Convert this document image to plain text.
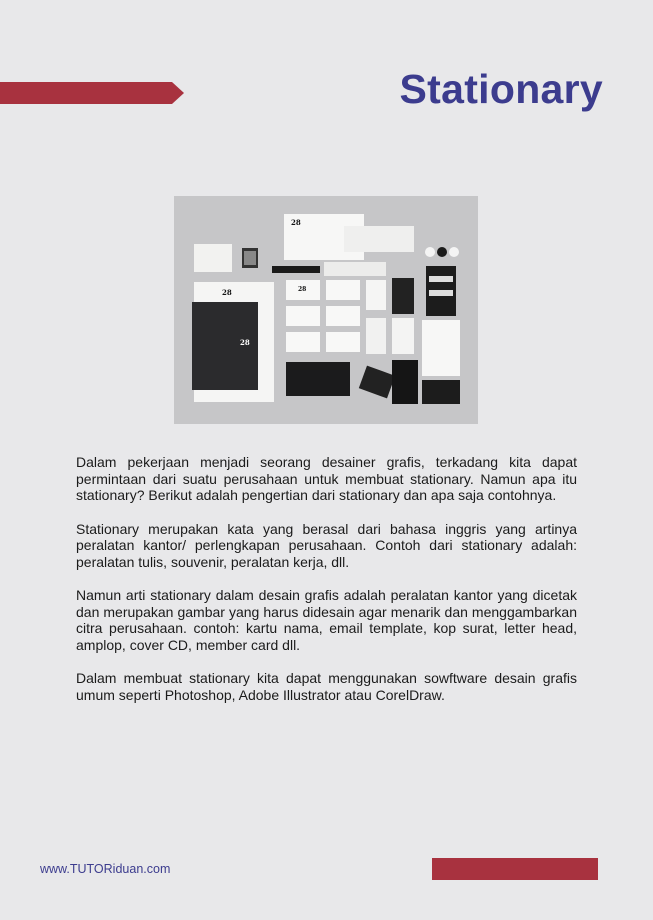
Stationary
28
28
28	28

Dalam pekerjaan menjadi seorang desainer grafis, terkadang kita dapat permintaan dari suatu perusahaan untuk membuat stationary. Namun apa itu stationary? Berikut adalah pengertian dari stationary dan apa saja contohnya.

Stationary merupakan kata yang berasal dari bahasa inggris yang artinya peralatan kantor/ perlengkapan perusahaan. Contoh dari stationary adalah: peralatan tulis, souvenir, peralatan kerja, dll.

Namun arti stationary dalam desain grafis adalah peralatan kantor yang dicetak dan merupakan gambar yang harus didesain agar menarik dan menggambarkan citra perusahaan. contoh: kartu nama, email template, kop surat, letter head, amplop, cover CD, member card dll.

Dalam membuat stationary kita dapat menggunakan sowftware desain grafis umum seperti Photoshop, Adobe Illustrator atau CorelDraw.

www.TUTORiduan.com
